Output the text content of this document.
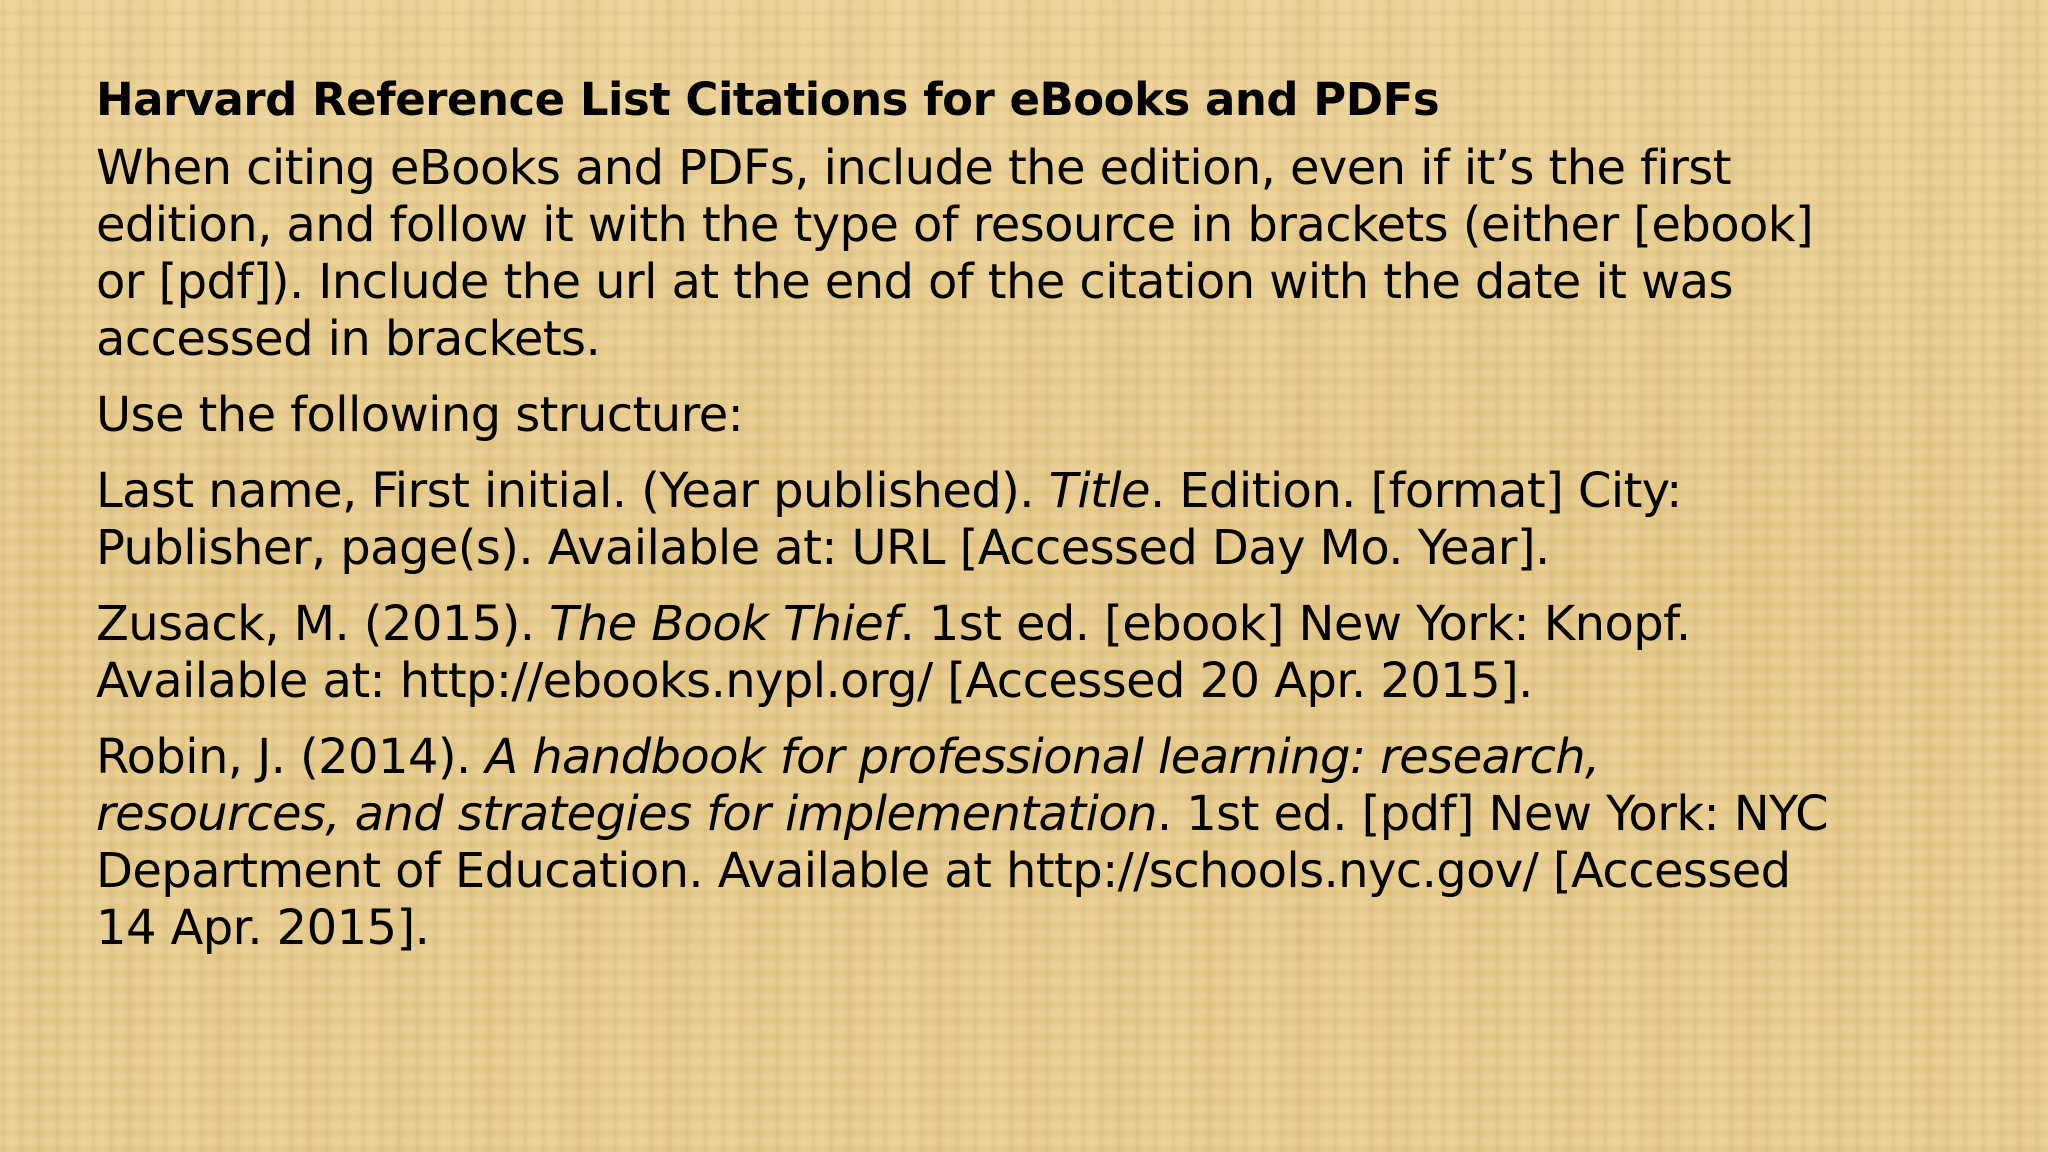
Harvard Reference List Citations for eBooks and PDFs
When citing eBooks and PDFs, include the edition, even if it’s the first
edition, and follow it with the type of resource in brackets (either [ebook]
or [pdf]). Include the url at the end of the citation with the date it was
accessed in brackets.
Use the following structure:
Last name, First initial. (Year published). Title. Edition. [format] City:
Publisher, page(s). Available at: URL [Accessed Day Mo. Year].
Zusack, M. (2015). The Book Thief. 1st ed. [ebook] New York: Knopf.
Available at: http://ebooks.nypl.org/ [Accessed 20 Apr. 2015].
Robin, J. (2014). A handbook for professional learning: research,
resources, and strategies for implementation. 1st ed. [pdf] New York: NYC
Department of Education. Available at http://schools.nyc.gov/ [Accessed
14 Apr. 2015].
